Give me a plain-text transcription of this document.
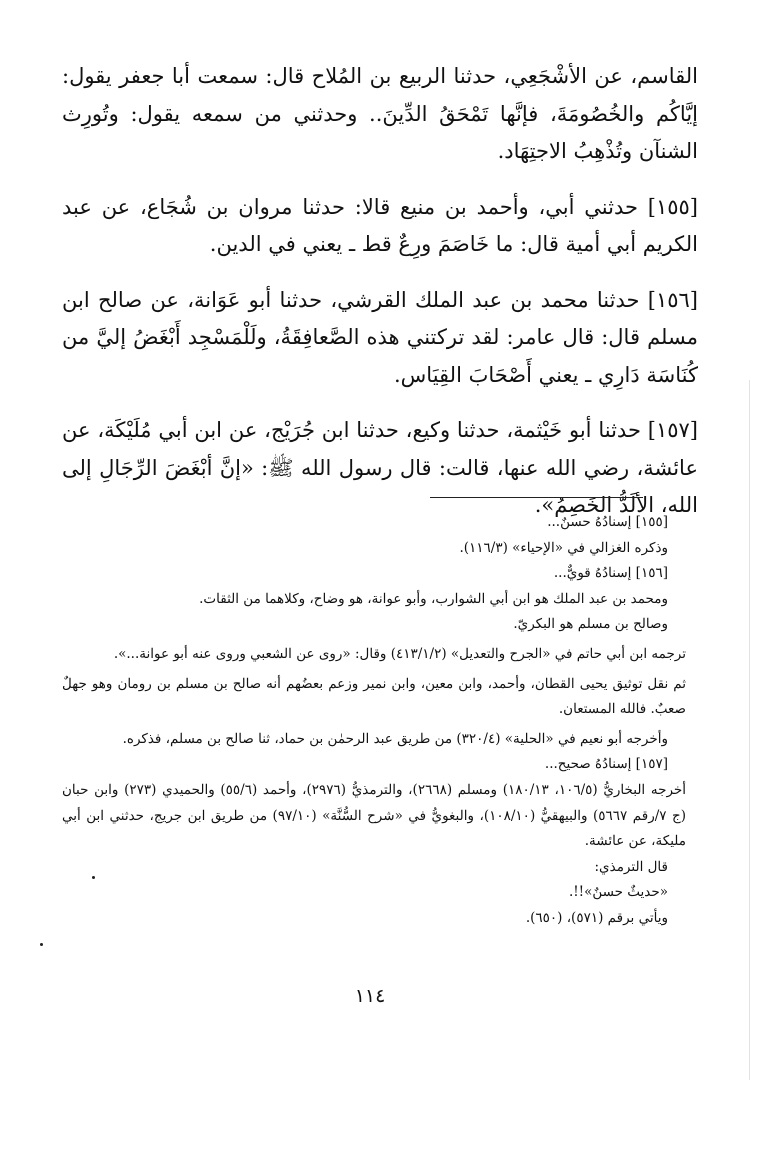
القاسم، عن الأشْجَعِي، حدثنا الربيع بن المُلاح قال: سمعت أبا جعفر يقول: إيَّاكُم والخُصُومَةَ، فإنَّها تَمْحَقُ الدِّينَ.. وحدثني من سمعه يقول: وتُورِث الشنآن وتُذْهِبُ الاجتِهَاد.

[١٥٥] حدثني أبي، وأحمد بن منيع قالا: حدثنا مروان بن شُجَاع، عن عبد الكريم أبي أمية قال: ما خَاصَمَ ورِعٌ قط ـ يعني في الدين.

[١٥٦] حدثنا محمد بن عبد الملك القرشي، حدثنا أبو عَوَانة، عن صالح ابن مسلم قال: قال عامر: لقد تركتني هذه الصَّعافِقَةُ، ولَلْمَسْجِد أَبْغَضُ إليَّ من كُنَاسَة دَارِي ـ يعني أَصْحَابَ القِيَاس.

[١٥٧] حدثنا أبو خَيْثمة، حدثنا وكيع، حدثنا ابن جُرَيْج، عن ابن أبي مُلَيْكَة، عن عائشة، رضي الله عنها، قالت: قال رسول الله ﷺ: «إنَّ أبْغَضَ الرِّجَالِ إلى الله، الألَدُّ الخَصِمُ».

[١٥٥] إسنادُهُ حسنٌ...

وذكره الغزالي في «الإحياء» (١١٦/٣).

[١٥٦] إسنادُهُ قويٌّ...

ومحمد بن عبد الملك هو ابن أبي الشوارب، وأبو عوانة، هو وضاح، وكلاهما من الثقات.

وصالح بن مسلم هو البكريّ.

ترجمه ابن أبي حاتم في «الجرح والتعديل» (٤١٣/١/٢) وقال: «روى عن الشعبي وروى عنه أبو عوانة...».

ثم نقل توثيق يحيى القطان، وأحمد، وابن معين، وابن نمير وزعم بعضُهم أنه صالح بن مسلم بن رومان وهو جهلٌ صعبٌ. فالله المستعان.

وأخرجه أبو نعيم في «الحلية» (٣٢٠/٤) من طريق عبد الرحمٰن بن حماد، ثنا صالح بن مسلم، فذكره.

[١٥٧] إسنادُهُ صحيح...

أخرجه البخاريُّ (١٠٦/٥، ١٨٠/١٣) ومسلم (٢٦٦٨)، والترمذيُّ (٢٩٧٦)، وأحمد (٥٥/٦) والحميدي (٢٧٣) وابن حبان (ج ٧/رقم ٥٦٦٧) والبيهقيُّ (١٠٨/١٠)، والبغويُّ في «شرح السُّنَّة» (٩٧/١٠) من طريق ابن جريج، حدثني ابن أبي مليكة، عن عائشة.

قال الترمذي:

«حديثٌ حسنٌ»!!.

ويأتي برقم (٥٧١)، (٦٥٠).

١١٤
